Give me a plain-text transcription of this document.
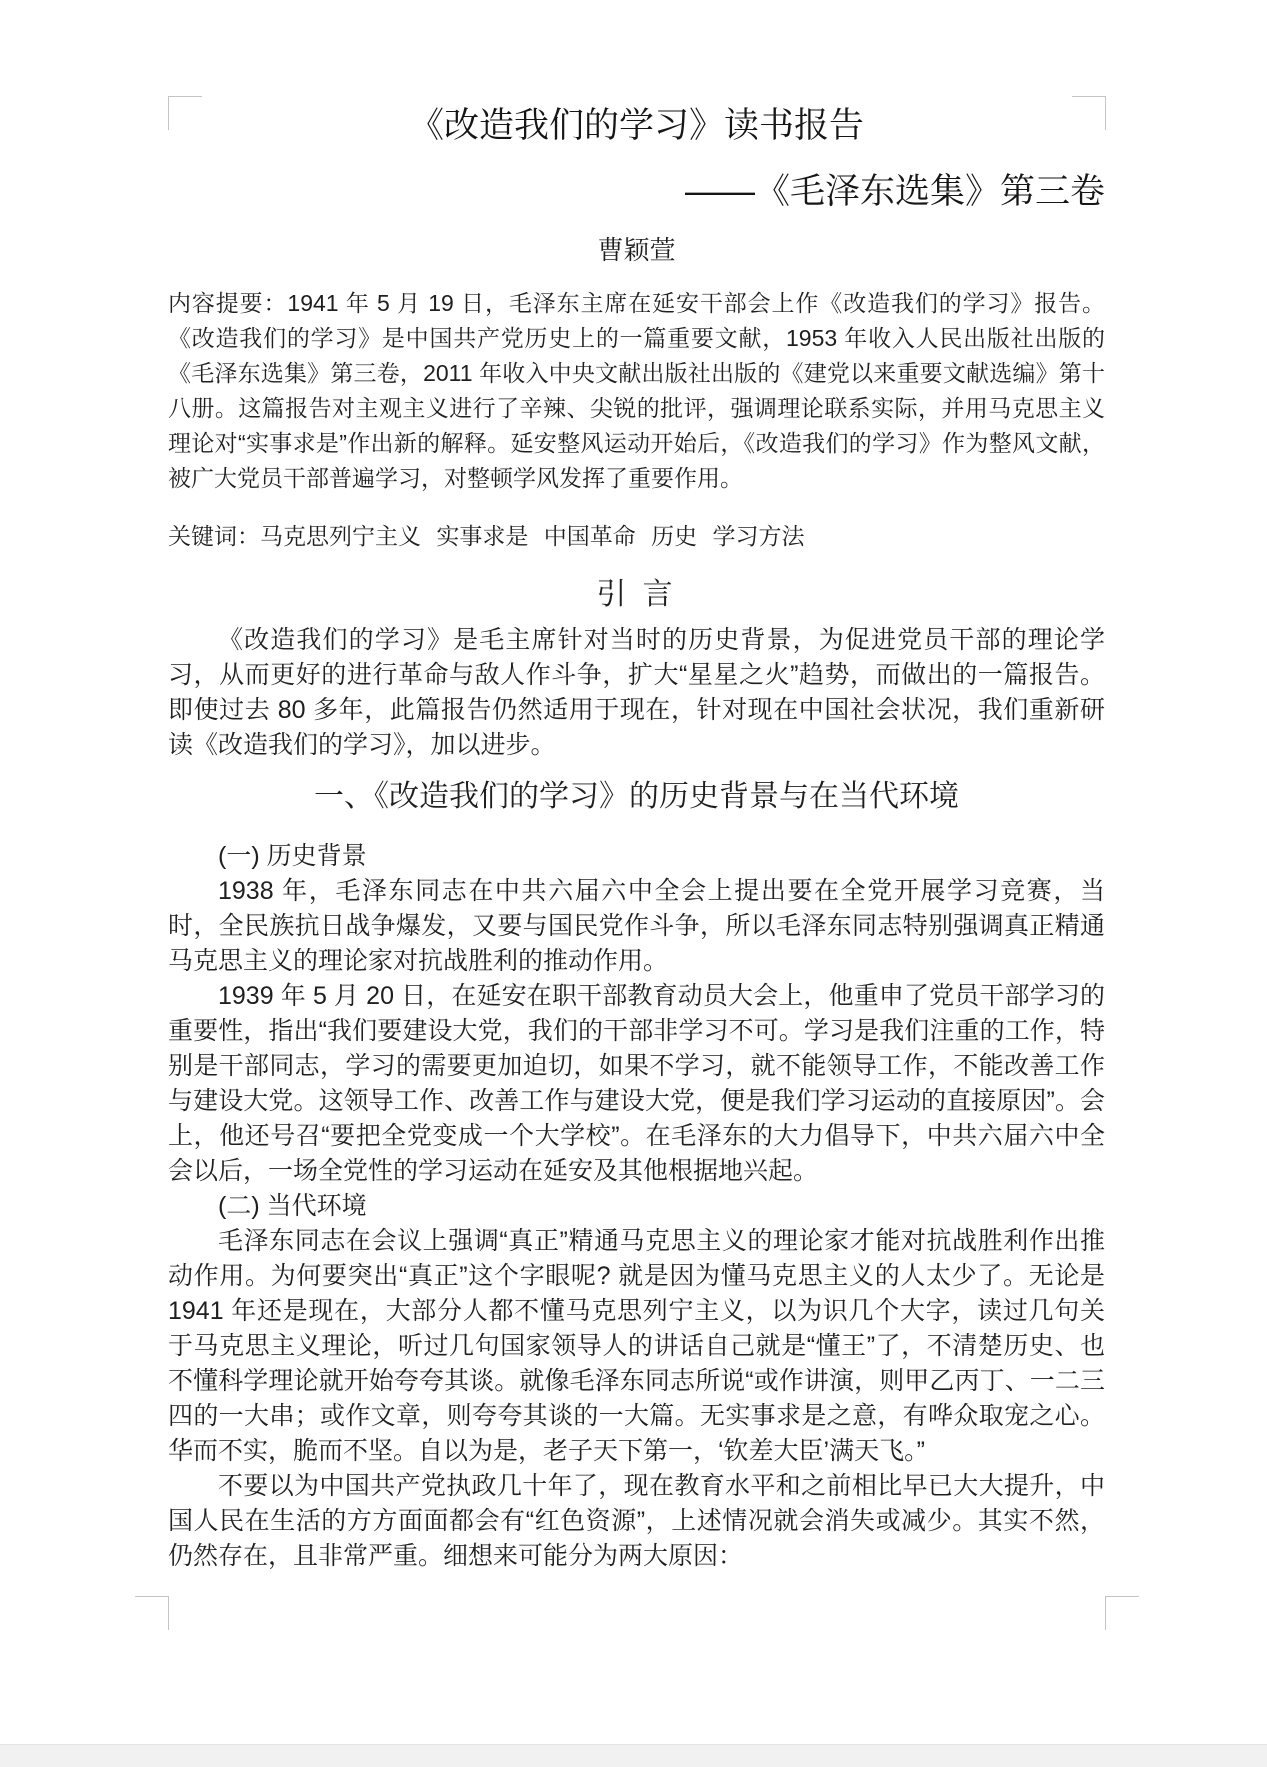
《改造我们的学习》读书报告
——《毛泽东选集》第三卷
曹颖萱

内容提要：1941 年 5 月 19 日，毛泽东主席在延安干部会上作《改造我们的学习》报告。《改造我们的学习》是中国共产党历史上的一篇重要文献，1953 年收入人民出版社出版的《毛泽东选集》第三卷，2011 年收入中央文献出版社出版的《建党以来重要文献选编》第十八册。这篇报告对主观主义进行了辛辣、尖锐的批评，强调理论联系实际，并用马克思主义理论对“实事求是”作出新的解释。延安整风运动开始后，《改造我们的学习》作为整风文献，被广大党员干部普遍学习，对整顿学风发挥了重要作用。

关键词：马克思列宁主义 实事求是 中国革命 历史 学习方法

引 言

《改造我们的学习》是毛主席针对当时的历史背景，为促进党员干部的理论学习，从而更好的进行革命与敌人作斗争，扩大“星星之火”趋势，而做出的一篇报告。即使过去 80 多年，此篇报告仍然适用于现在，针对现在中国社会状况，我们重新研读《改造我们的学习》，加以进步。

一、《改造我们的学习》的历史背景与在当代环境
(一) 历史背景

1938 年，毛泽东同志在中共六届六中全会上提出要在全党开展学习竞赛，当时，全民族抗日战争爆发，又要与国民党作斗争，所以毛泽东同志特别强调真正精通马克思主义的理论家对抗战胜利的推动作用。

1939 年 5 月 20 日，在延安在职干部教育动员大会上，他重申了党员干部学习的重要性，指出“我们要建设大党，我们的干部非学习不可。学习是我们注重的工作，特别是干部同志，学习的需要更加迫切，如果不学习，就不能领导工作，不能改善工作与建设大党。这领导工作、改善工作与建设大党，便是我们学习运动的直接原因”。会上，他还号召“要把全党变成一个大学校”。在毛泽东的大力倡导下，中共六届六中全会以后，一场全党性的学习运动在延安及其他根据地兴起。

(二) 当代环境

毛泽东同志在会议上强调“真正”精通马克思主义的理论家才能对抗战胜利作出推动作用。为何要突出“真正”这个字眼呢? 就是因为懂马克思主义的人太少了。无论是 1941 年还是现在，大部分人都不懂马克思列宁主义，以为识几个大字，读过几句关于马克思主义理论，听过几句国家领导人的讲话自己就是“懂王”了，不清楚历史、也不懂科学理论就开始夸夸其谈。就像毛泽东同志所说“或作讲演，则甲乙丙丁、一二三四的一大串；或作文章，则夸夸其谈的一大篇。无实事求是之意，有哗众取宠之心。华而不实，脆而不坚。自以为是，老子天下第一，‘钦差大臣’满天飞。”

不要以为中国共产党执政几十年了，现在教育水平和之前相比早已大大提升，中国人民在生活的方方面面都会有“红色资源”，上述情况就会消失或减少。其实不然，仍然存在，且非常严重。细想来可能分为两大原因：
